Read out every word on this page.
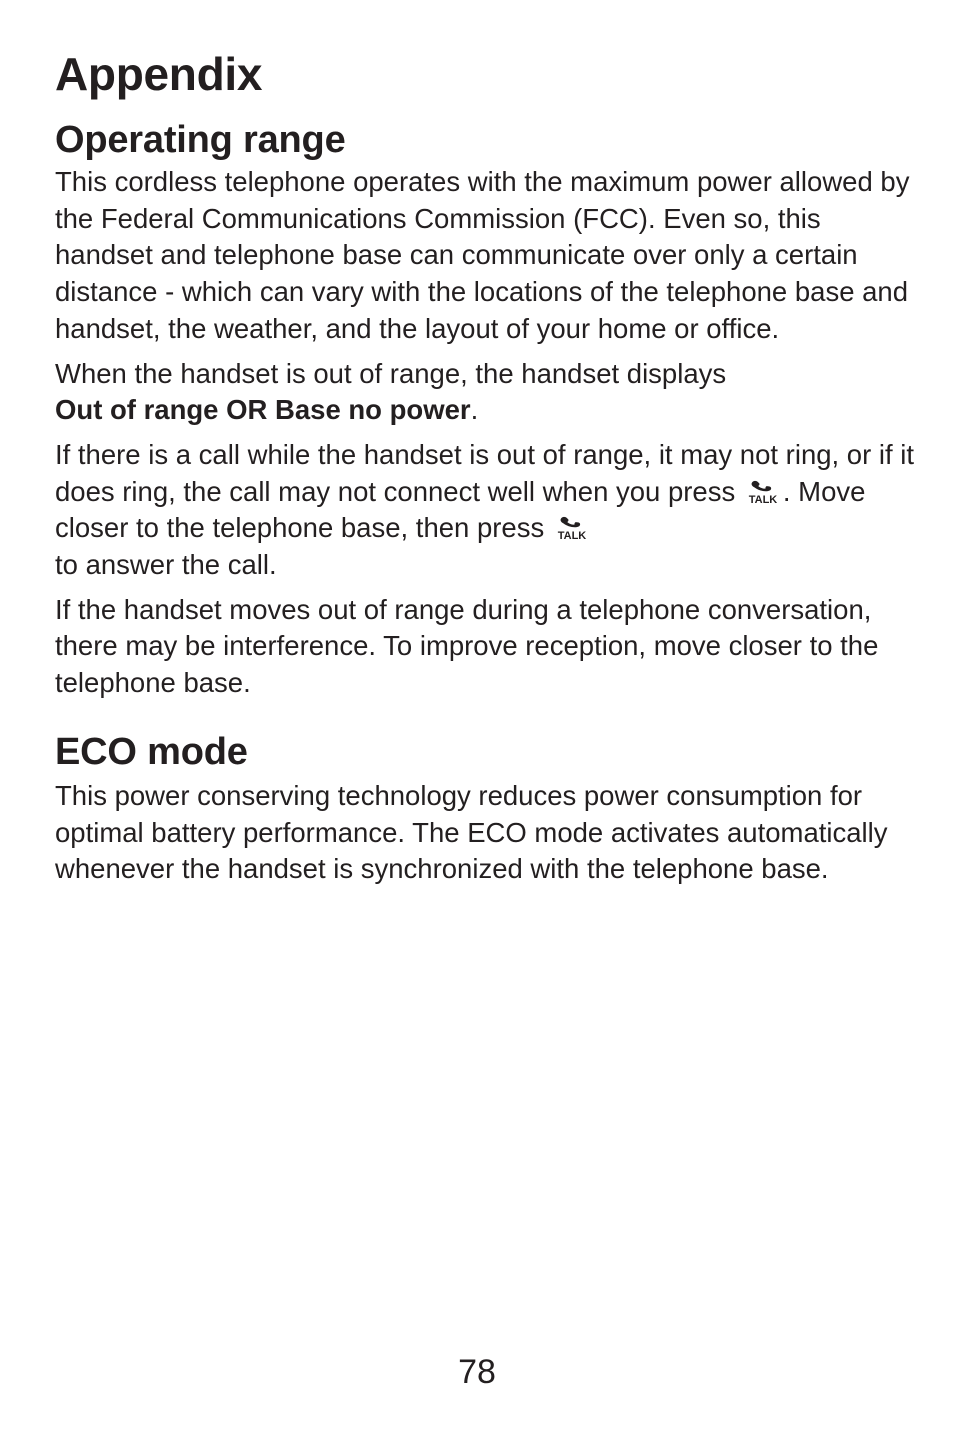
Appendix
Operating range

This cordless telephone operates with the maximum power allowed by the Federal Communications Commission (FCC). Even so, this handset and telephone base can communicate over only a certain distance - which can vary with the locations of the telephone base and handset, the weather, and the layout of your home or office.

When the handset is out of range, the handset displays
Out of range OR Base no power.

If there is a call while the handset is out of range, it may not ring, or if it does ring, the call may not connect well when you press TALK . Move closer to the telephone base, then press TALK

to answer the call.

If the handset moves out of range during a telephone conversation, there may be interference. To improve reception, move closer to the telephone base.

ECO mode

This power conserving technology reduces power consumption for optimal battery performance. The ECO mode activates automatically whenever the handset is synchronized with the telephone base.

78
